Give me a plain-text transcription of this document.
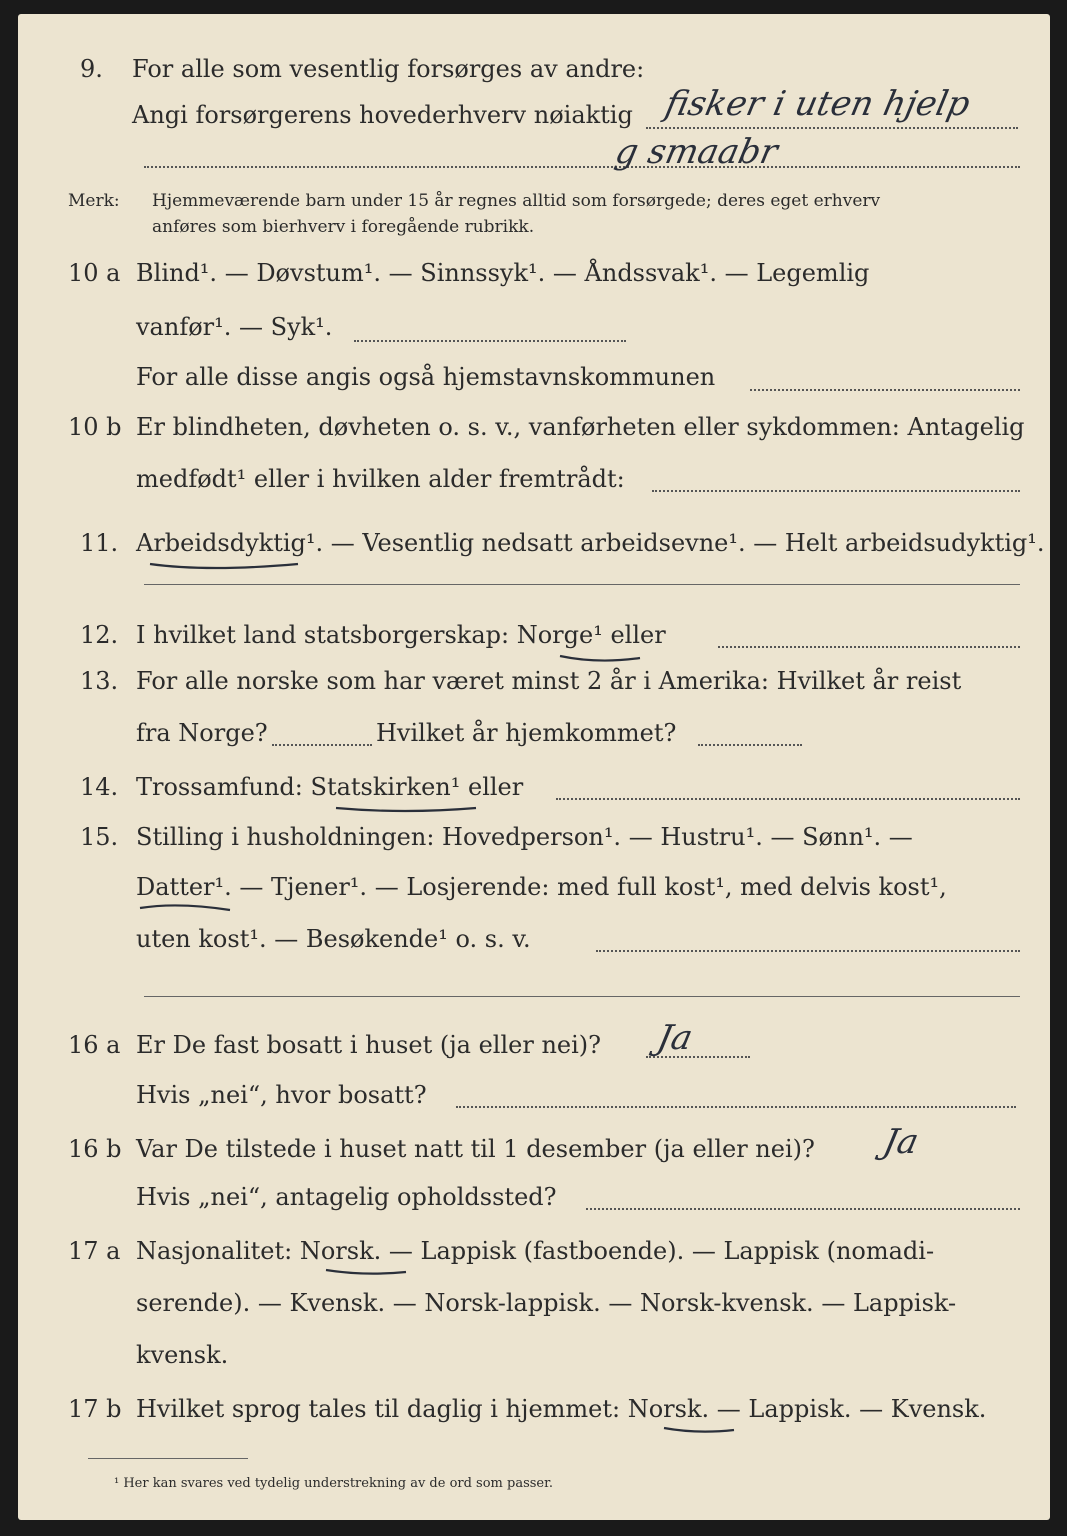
9. For alle som vesentlig forsørges av andre:
Angi forsørgerens hovederhverv nøiaktig fisker i uten hjelp
g smaabr
Merk: Hjemmeværende barn under 15 år regnes alltid som forsørgede; deres eget erhverv
anføres som bierhverv i foregående rubrikk.
10 a Blind¹. — Døvstum¹. — Sinnssyk¹. — Åndssvak¹. — Legemlig
vanfør¹. — Syk¹.
For alle disse angis også hjemstavnskommunen
10 b Er blindheten, døvheten o. s. v., vanførheten eller sykdommen: Antagelig
medfødt¹ eller i hvilken alder fremtrådt:
11. Arbeidsdyktig¹. — Vesentlig nedsatt arbeidsevne¹. — Helt arbeidsudyktig¹.
12. I hvilket land statsborgerskap: Norge¹ eller
13. For alle norske som har været minst 2 år i Amerika: Hvilket år reist
fra Norge?	Hvilket år hjemkommet?
14. Trossamfund: Statskirken¹ eller
15. Stilling i husholdningen: Hovedperson¹. — Hustru¹. — Sønn¹. —
Datter¹. — Tjener¹. — Losjerende: med full kost¹, med delvis kost¹,
uten kost¹. — Besøkende¹ o. s. v.
16 a Er De fast bosatt i huset (ja eller nei)? Ja
Hvis „nei“, hvor bosatt?
16 b Var De tilstede i huset natt til 1 desember (ja eller nei)? Ja
Hvis „nei“, antagelig opholdssted?
17 a Nasjonalitet: Norsk. — Lappisk (fastboende). — Lappisk (nomadi-
serende). — Kvensk. — Norsk-lappisk. — Norsk-kvensk. — Lappisk-
kvensk.
17 b Hvilket sprog tales til daglig i hjemmet: Norsk. — Lappisk. — Kvensk.
¹ Her kan svares ved tydelig understrekning av de ord som passer.
